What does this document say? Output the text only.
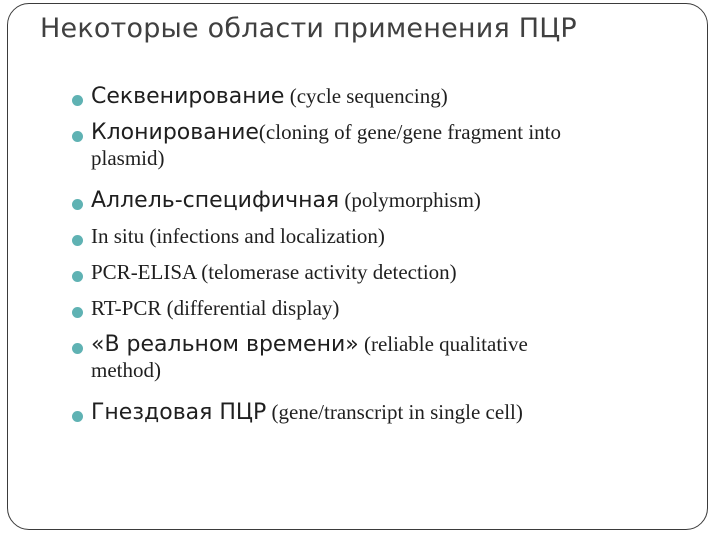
Некоторые области применения ПЦР
Секвенирование (cycle sequencing)
Клонирование(cloning of gene/gene fragment into
plasmid)
Аллель-специфичная (polymorphism)
In situ (infections and localization)
PCR-ELISA (telomerase activity detection)
RT-PCR (differential display)
«В реальном времени» (reliable qualitative
method)
Гнездовая ПЦР (gene/transcript in single cell)
